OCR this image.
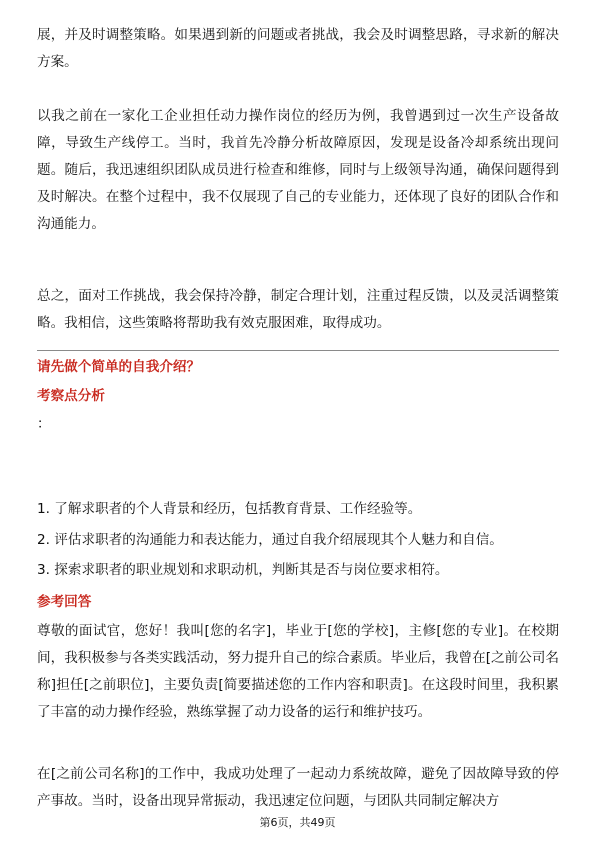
展，并及时调整策略。如果遇到新的问题或者挑战，我会及时调整思路，寻求新的解决方案。

以我之前在一家化工企业担任动力操作岗位的经历为例，我曾遇到过一次生产设备故障，导致生产线停工。当时，我首先冷静分析故障原因，发现是设备冷却系统出现问题。随后，我迅速组织团队成员进行检查和维修，同时与上级领导沟通，确保问题得到及时解决。在整个过程中，我不仅展现了自己的专业能力，还体现了良好的团队合作和沟通能力。

总之，面对工作挑战，我会保持冷静，制定合理计划，注重过程反馈，以及灵活调整策略。我相信，这些策略将帮助我有效克服困难，取得成功。

请先做个简单的自我介绍？

考察点分析

：

1. 了解求职者的个人背景和经历，包括教育背景、工作经验等。

2. 评估求职者的沟通能力和表达能力，通过自我介绍展现其个人魅力和自信。

3. 探索求职者的职业规划和求职动机，判断其是否与岗位要求相符。

参考回答

尊敬的面试官，您好！我叫[您的名字]，毕业于[您的学校]，主修[您的专业]。在校期间，我积极参与各类实践活动，努力提升自己的综合素质。毕业后，我曾在[之前公司名称]担任[之前职位]，主要负责[简要描述您的工作内容和职责]。在这段时间里，我积累了丰富的动力操作经验，熟练掌握了动力设备的运行和维护技巧。

在[之前公司名称]的工作中，我成功处理了一起动力系统故障，避免了因故障导致的停产事故。当时，设备出现异常振动，我迅速定位问题，与团队共同制定解决方

第6页，共49页
